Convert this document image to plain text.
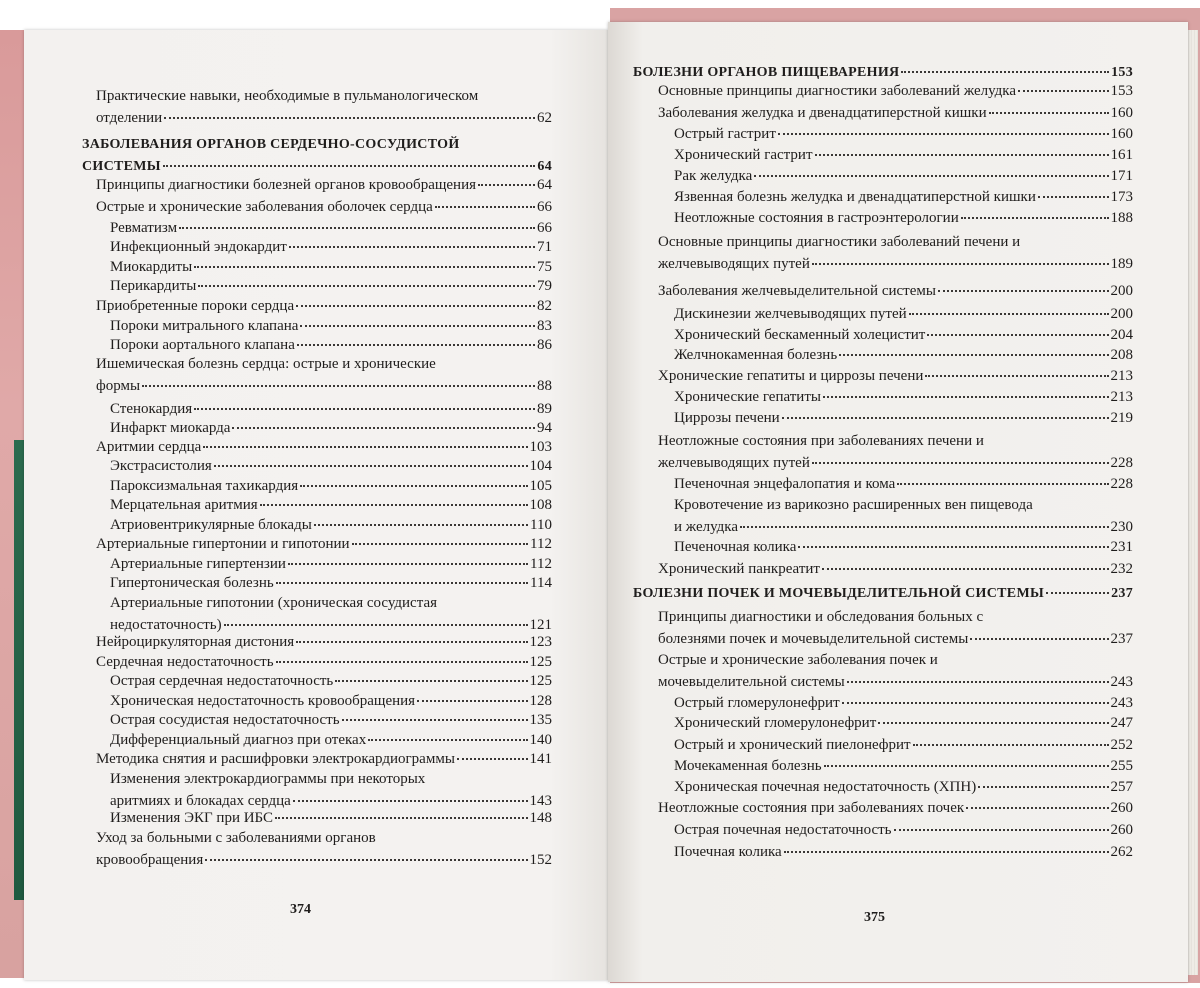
Практические навыки, необходимые в пульманологическом
отделении	62
ЗАБОЛЕВАНИЯ ОРГАНОВ СЕРДЕЧНО-СОСУДИСТОЙ
СИСТЕМЫ	64
Принципы диагностики болезней органов кровообращения	64
Острые и хронические заболевания оболочек сердца	66
Ревматизм	66
Инфекционный эндокардит	71
Миокардиты	75
Перикардиты	79
Приобретенные пороки сердца	82
Пороки митрального клапана	83
Пороки аортального клапана	86
Ишемическая болезнь сердца: острые и хронические
формы	88
Стенокардия	89
Инфаркт миокарда	94
Аритмии сердца	103
Экстрасистолия	104
Пароксизмальная тахикардия	105
Мерцательная аритмия	108
Атриовентрикулярные блокады	110
Артериальные гипертонии и гипотонии	112
Артериальные гипертензии	112
Гипертоническая болезнь	114
Артериальные гипотонии (хроническая сосудистая
недостаточность)	121
Нейроциркуляторная дистония	123
Сердечная недостаточность	125
Острая сердечная недостаточность	125
Хроническая недостаточность кровообращения	128
Острая сосудистая недостаточность	135
Дифференциальный диагноз при отеках	140
Методика снятия и расшифровки электрокардиограммы	141
Изменения электрокардиограммы при некоторых
аритмиях и блокадах сердца	143
Изменения ЭКГ при ИБС	148
Уход за больными с заболеваниями органов
кровообращения	152
374
БОЛЕЗНИ ОРГАНОВ ПИЩЕВАРЕНИЯ	153
Основные принципы диагностики заболеваний желудка	153
Заболевания желудка и двенадцатиперстной кишки	160
Острый гастрит	160
Хронический гастрит	161
Рак желудка	171
Язвенная болезнь желудка и двенадцатиперстной кишки	173
Неотложные состояния в гастроэнтерологии	188
Основные принципы диагностики заболеваний печени и
желчевыводящих путей	189
Заболевания желчевыделительной системы	200
Дискинезии желчевыводящих путей	200
Хронический бескаменный холецистит	204
Желчнокаменная болезнь	208
Хронические гепатиты и циррозы печени	213
Хронические гепатиты	213
Циррозы печени	219
Неотложные состояния при заболеваниях печени и
желчевыводящих путей	228
Печеночная энцефалопатия и кома	228
Кровотечение из варикозно расширенных вен пищевода
и желудка	230
Печеночная колика	231
Хронический панкреатит	232
БОЛЕЗНИ ПОЧЕК И МОЧЕВЫДЕЛИТЕЛЬНОЙ СИСТЕМЫ	237
Принципы диагностики и обследования больных с
болезнями почек и мочевыделительной системы	237
Острые и хронические заболевания почек и
мочевыделительной системы	243
Острый гломерулонефрит	243
Хронический гломерулонефрит	247
Острый и хронический пиелонефрит	252
Мочекаменная болезнь	255
Хроническая почечная недостаточность (ХПН)	257
Неотложные состояния при заболеваниях почек	260
Острая почечная недостаточность	260
Почечная колика	262
375
